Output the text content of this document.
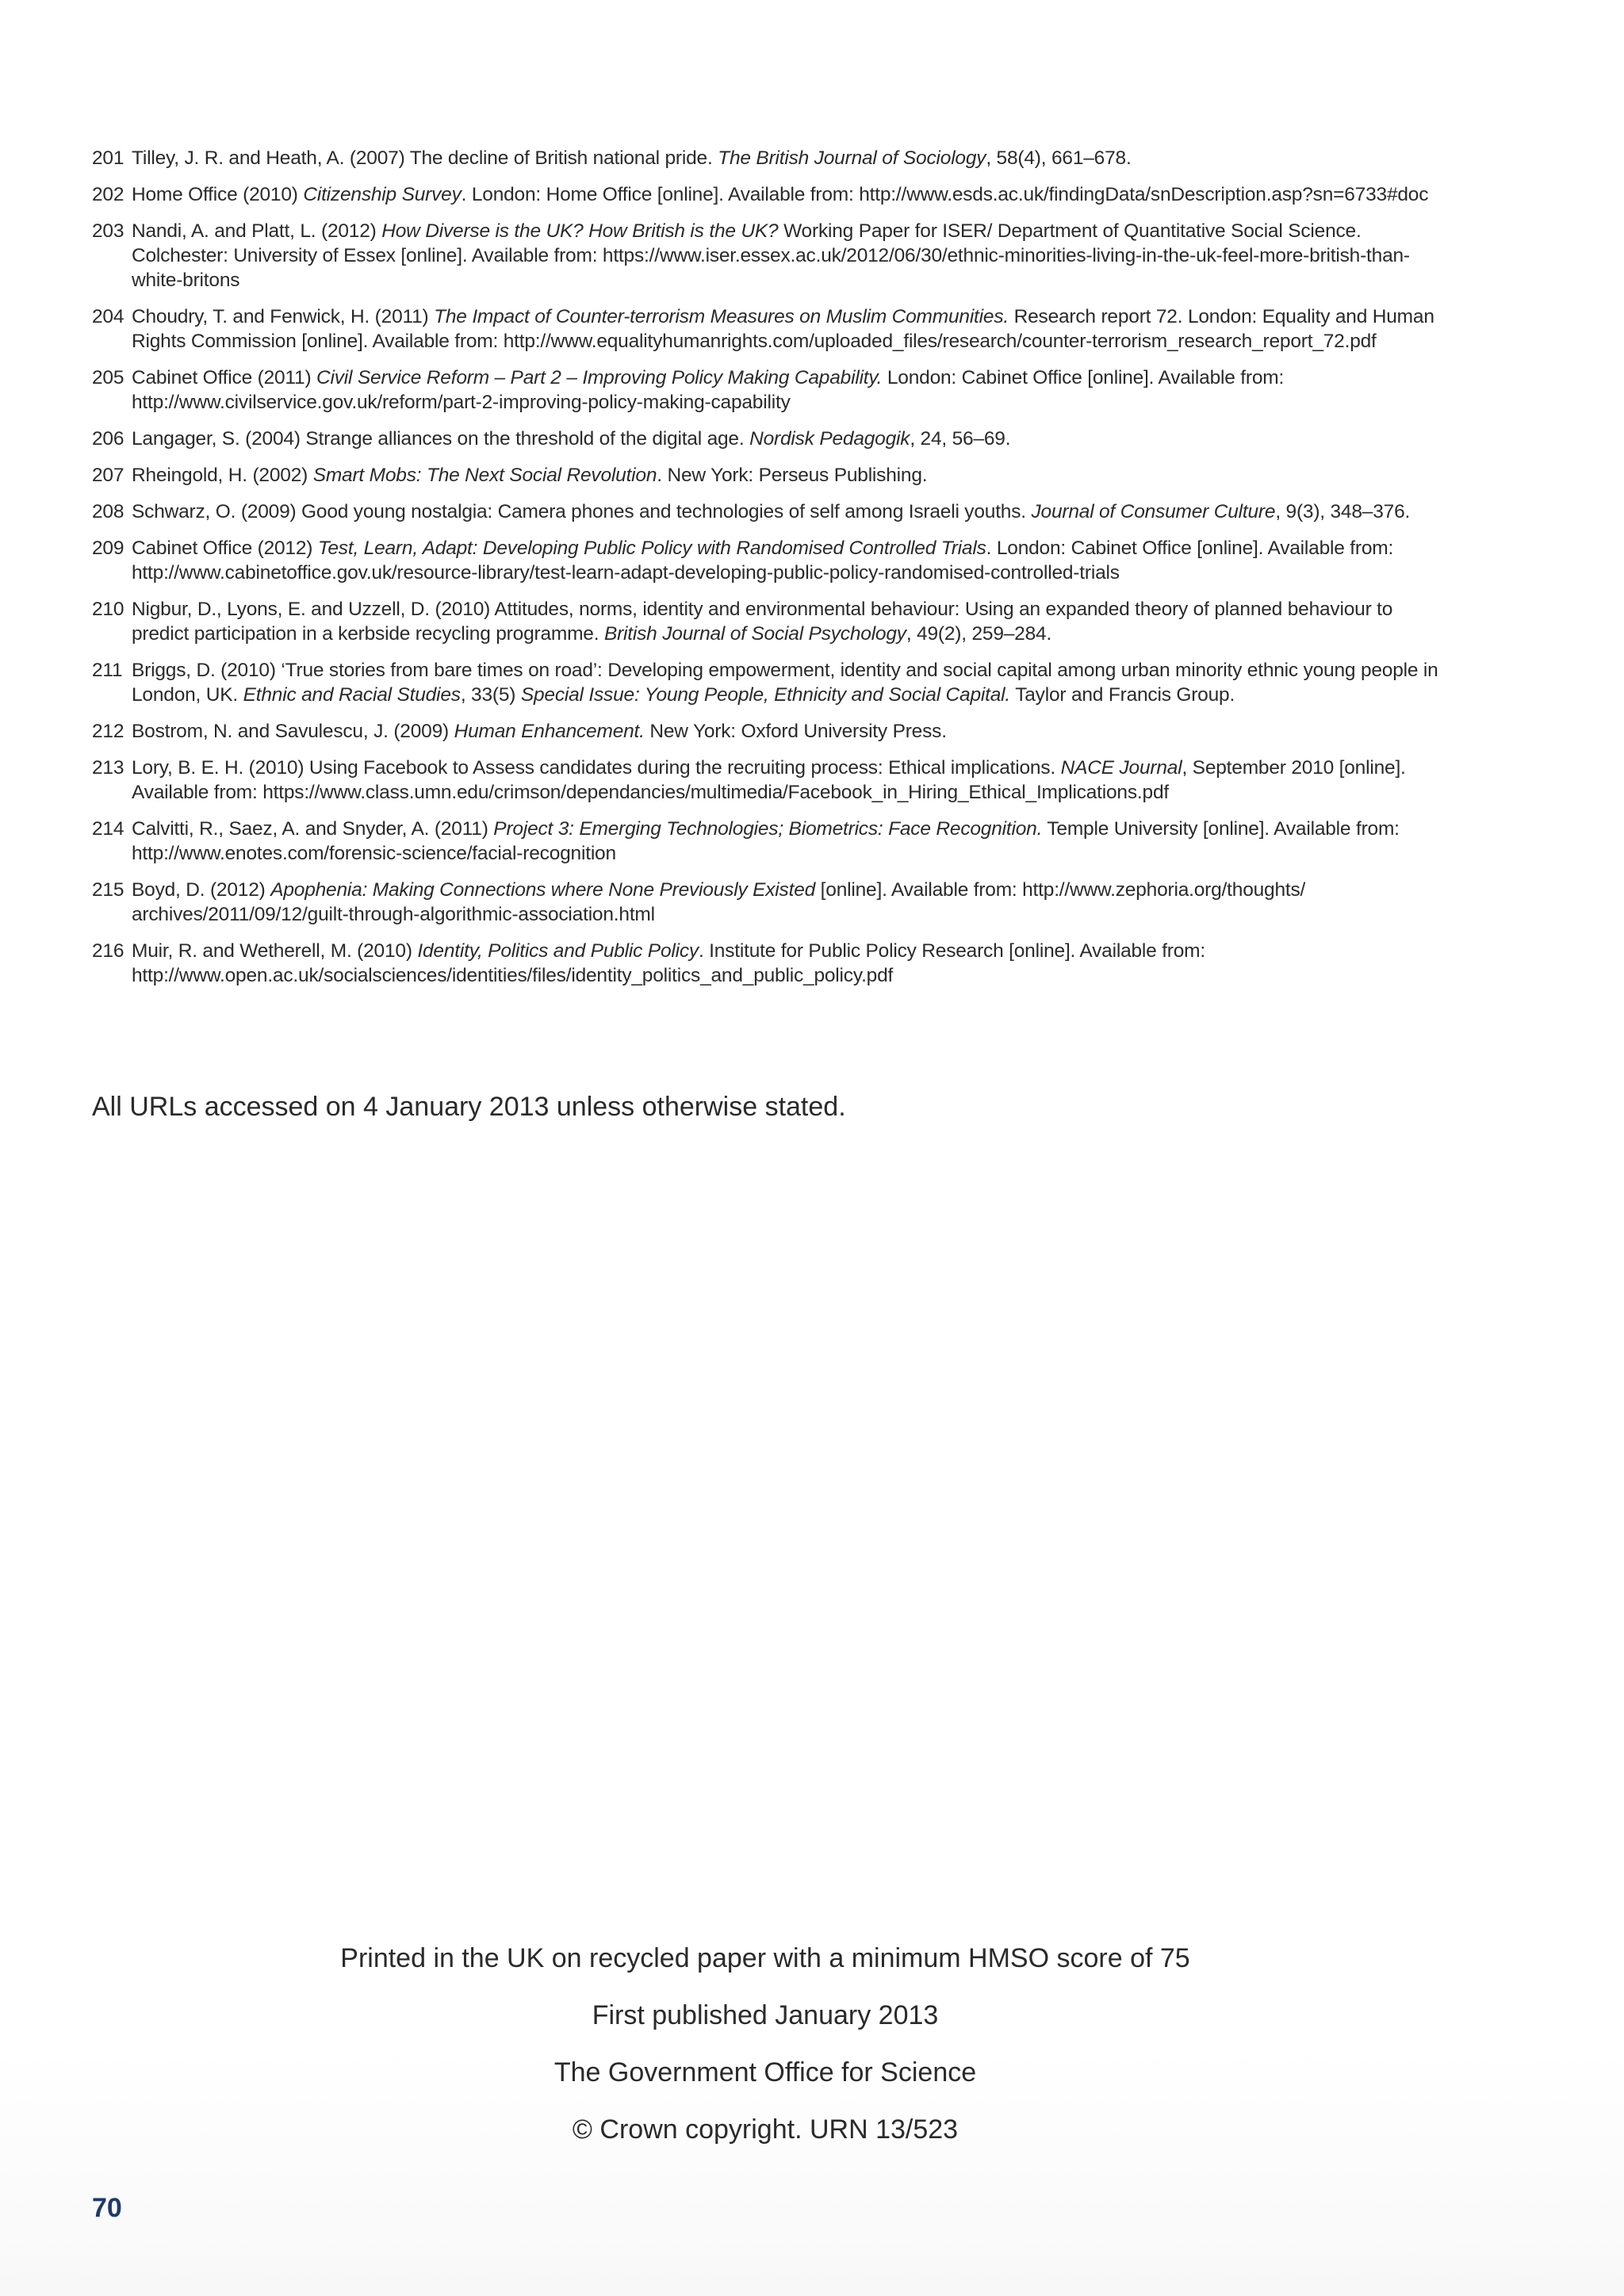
201 Tilley, J. R. and Heath, A. (2007) The decline of British national pride. The British Journal of Sociology, 58(4), 661–678.
202 Home Office (2010) Citizenship Survey. London: Home Office [online]. Available from: http://www.esds.ac.uk/findingData/snDescription.​asp?sn=6733#doc
203 Nandi, A. and Platt, L. (2012) How Diverse is the UK? How British is the UK? Working Paper for ISER/ Department of Quantitative Social Science. Colchester: University of Essex [online]. Available from: https://www.iser.essex.ac.uk/2012/06/30/ethnic-minorities-living-in-the-uk-feel-more-british-than-white-britons
204 Choudry, T. and Fenwick, H. (2011) The Impact of Counter-terrorism Measures on Muslim Communities. Research report 72. London: Equality and Human Rights Commission [online]. Available from: http://www.equalityhumanrights.com/uploaded_files/research/counter-terrorism_research_​report_72.pdf
205 Cabinet Office (2011) Civil Service Reform – Part 2 – Improving Policy Making Capability. London: Cabinet Office [online]. Available from: http://www.civilservice.gov.uk/reform/part-2-improving-policy-making-capability
206 Langager, S. (2004) Strange alliances on the threshold of the digital age. Nordisk Pedagogik, 24, 56–69.
207 Rheingold, H. (2002) Smart Mobs: The Next Social Revolution. New York: Perseus Publishing.
208 Schwarz, O. (2009) Good young nostalgia: Camera phones and technologies of self among Israeli youths. Journal of Consumer Culture, 9(3), 348–376.
209 Cabinet Office (2012) Test, Learn, Adapt: Developing Public Policy with Randomised Controlled Trials. London: Cabinet Office [online]. Available from: http://www.cabinetoffice.gov.uk/resource-library/test-learn-adapt-developing-public-policy-randomised-controlled-trials
210 Nigbur, D., Lyons, E. and Uzzell, D. (2010) Attitudes, norms, identity and environmental behaviour: Using an expanded theory of planned behaviour to predict participation in a kerbside recycling programme. British Journal of Social Psychology, 49(2), 259–284.
211 Briggs, D. (2010) ‘True stories from bare times on road’: Developing empowerment, identity and social capital among urban minority ethnic young people in London, UK. Ethnic and Racial Studies, 33(5) Special Issue: Young People, Ethnicity and Social Capital. Taylor and Francis Group.
212 Bostrom, N. and Savulescu, J. (2009) Human Enhancement. New York: Oxford University Press.
213 Lory, B. E. H. (2010) Using Facebook to Assess candidates during the recruiting process: Ethical implications. NACE Journal, September 2010 [online]. Available from: https://www.class.umn.edu/crimson/dependancies/multimedia/Facebook_in_Hiring_Ethical_Implications.pdf
214 Calvitti, R., Saez, A. and Snyder, A. (2011) Project 3: Emerging Technologies; Biometrics: Face Recognition. Temple University [online]. Available from: http://www.enotes.com/forensic-science/facial-recognition
215 Boyd, D. (2012) Apophenia: Making Connections where None Previously Existed [online]. Available from: http://www.zephoria.org/thoughts/​archives/2011/09/12/guilt-through-algorithmic-association.html
216 Muir, R. and Wetherell, M. (2010) Identity, Politics and Public Policy. Institute for Public Policy Research [online]. Available from: http://www.open.ac.uk/socialsciences/identities/files/identity_politics_and_public_policy.pdf
All URLs accessed on 4 January 2013 unless otherwise stated.

Printed in the UK on recycled paper with a minimum HMSO score of 75

First published January 2013

The Government Office for Science

© Crown copyright. URN 13/523

70
